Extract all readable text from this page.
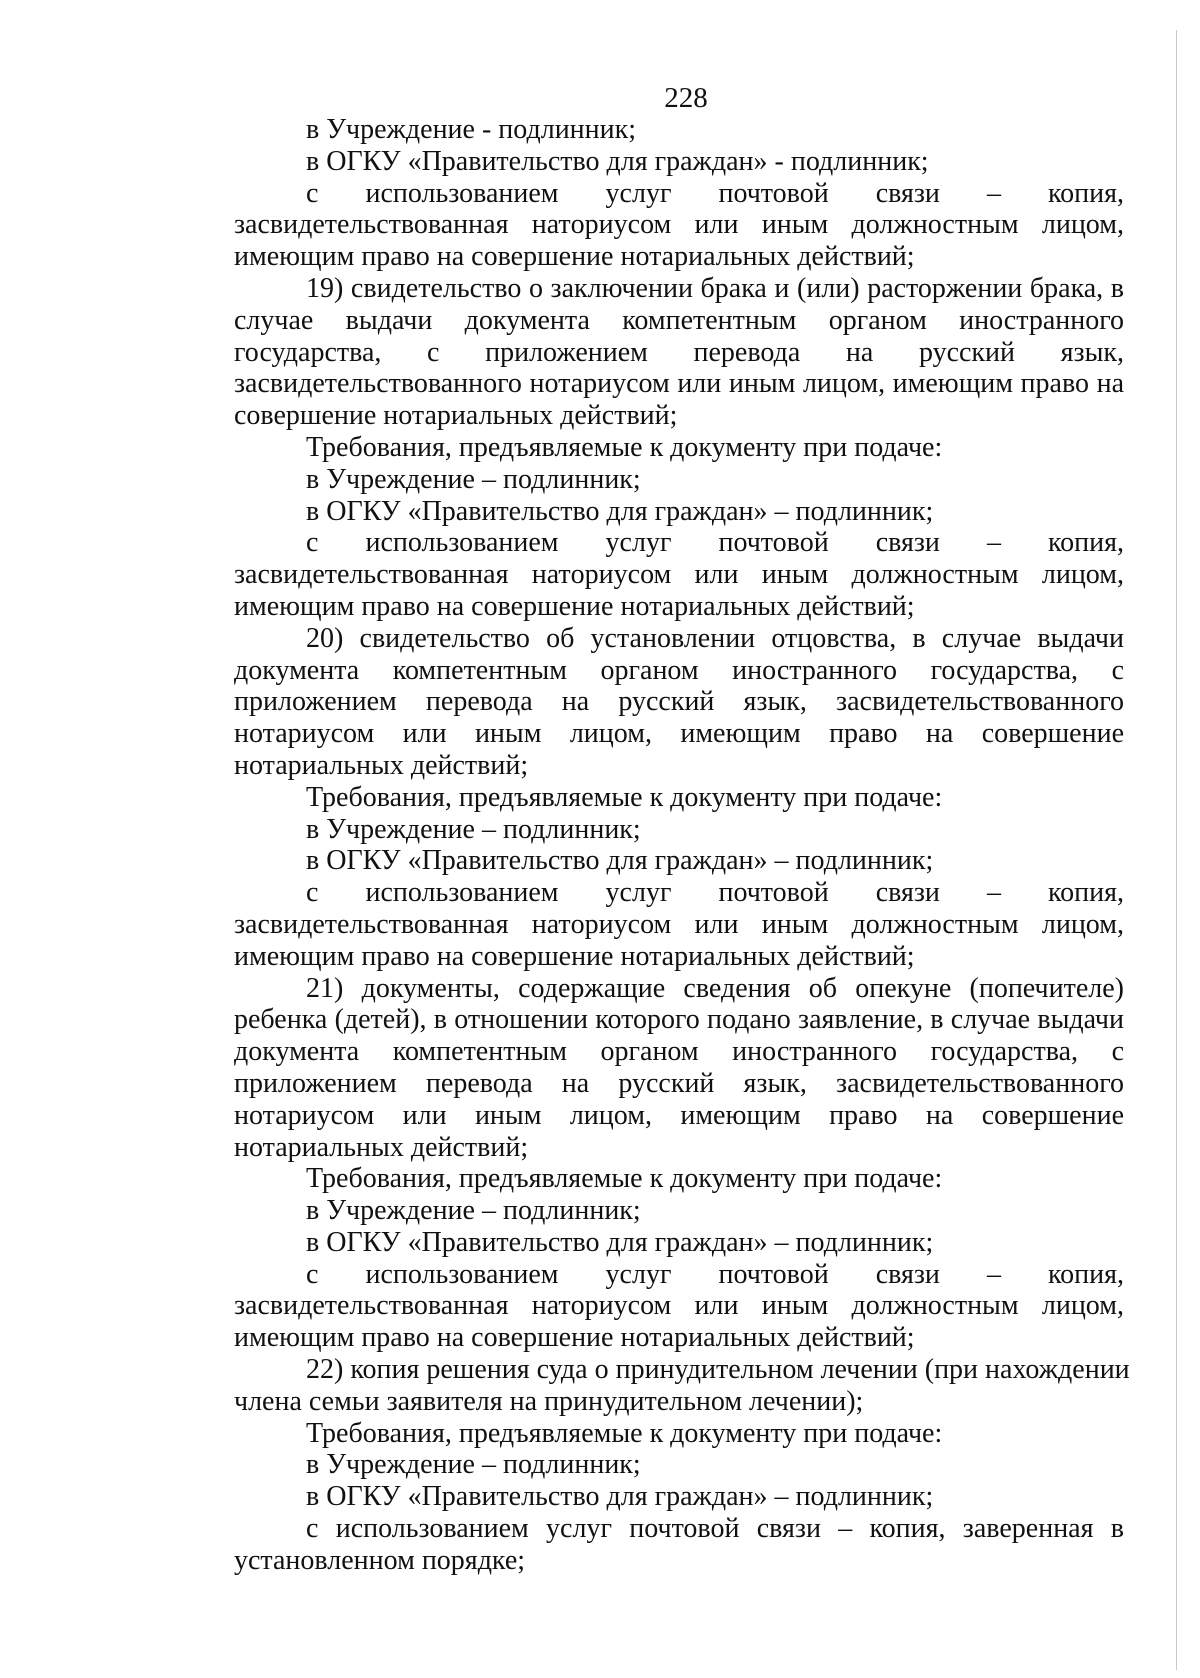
228
в Учреждение - подлинник;
в ОГКУ «Правительство для граждан» - подлинник;
с использованием услуг почтовой связи – копия,
засвидетельствованная натoриусом или иным должностным лицом,
имеющим право на совершение нотариальных действий;
19) свидетельство о заключении брака и (или) расторжении брака, в
случае выдачи документа компетентным органом иностранного
государства, с приложением перевода на русский язык,
засвидетельствованного нотариусом или иным лицом, имеющим право на
совершение нотариальных действий;
Требования, предъявляемые к документу при подаче:
в Учреждение – подлинник;
в ОГКУ «Правительство для граждан» – подлинник;
с использованием услуг почтовой связи – копия,
засвидетельствованная натoриусом или иным должностным лицом,
имеющим право на совершение нотариальных действий;
20) свидетельство об установлении отцовства, в случае выдачи
документа компетентным органом иностранного государства, с
приложением перевода на русский язык, засвидетельствованного
нотариусом или иным лицом, имеющим право на совершение
нотариальных действий;
Требования, предъявляемые к документу при подаче:
в Учреждение – подлинник;
в ОГКУ «Правительство для граждан» – подлинник;
с использованием услуг почтовой связи – копия,
засвидетельствованная натoриусом или иным должностным лицом,
имеющим право на совершение нотариальных действий;
21) документы, содержащие сведения об опекуне (попечителе)
ребенка (детей), в отношении которого подано заявление, в случае выдачи
документа компетентным органом иностранного государства, с
приложением перевода на русский язык, засвидетельствованного
нотариусом или иным лицом, имеющим право на совершение
нотариальных действий;
Требования, предъявляемые к документу при подаче:
в Учреждение – подлинник;
в ОГКУ «Правительство для граждан» – подлинник;
с использованием услуг почтовой связи – копия,
засвидетельствованная натoриусом или иным должностным лицом,
имеющим право на совершение нотариальных действий;
22) копия решения суда о принудительном лечении (при нахождении
члена семьи заявителя на принудительном лечении);
Требования, предъявляемые к документу при подаче:
в Учреждение – подлинник;
в ОГКУ «Правительство для граждан» – подлинник;
с использованием услуг почтовой связи – копия, заверенная в
установленном порядке;
